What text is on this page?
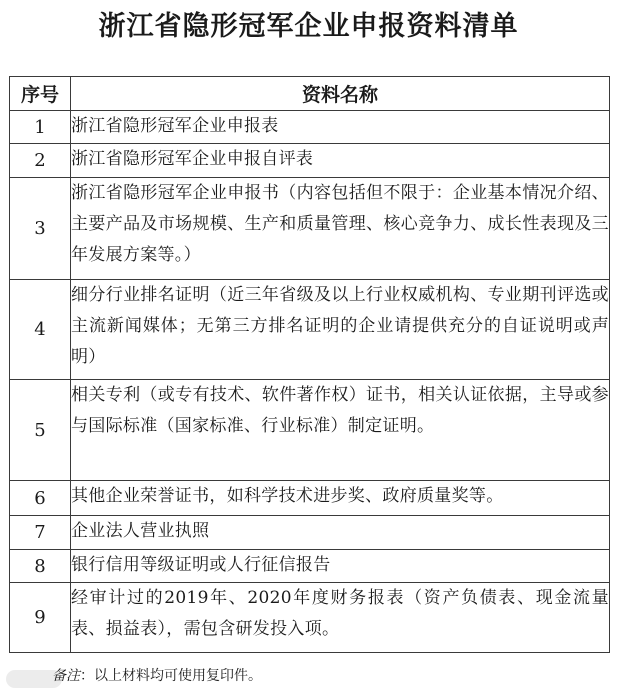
浙江省隐形冠军企业申报资料清单
序号	资料名称
1	浙江省隐形冠军企业申报表
2	浙江省隐形冠军企业申报自评表
3	浙江省隐形冠军企业申报书（内容包括但不限于：企业基本情况介绍、主要产品及市场规模、生产和质量管理、核心竞争力、成长性表现及三年发展方案等。）
4	细分行业排名证明（近三年省级及以上行业权威机构、专业期刊评选或主流新闻媒体；无第三方排名证明的企业请提供充分的自证说明或声明）
5	相关专利（或专有技术、软件著作权）证书，相关认证依据，主导或参与国际标准（国家标准、行业标准）制定证明。
6	其他企业荣誉证书，如科学技术进步奖、政府质量奖等。
7	企业法人营业执照
8	银行信用等级证明或人行征信报告
9	经审计过的2019年、2020年度财务报表（资产负债表、现金流量表、损益表），需包含研发投入项。
备注：以上材料均可使用复印件。
